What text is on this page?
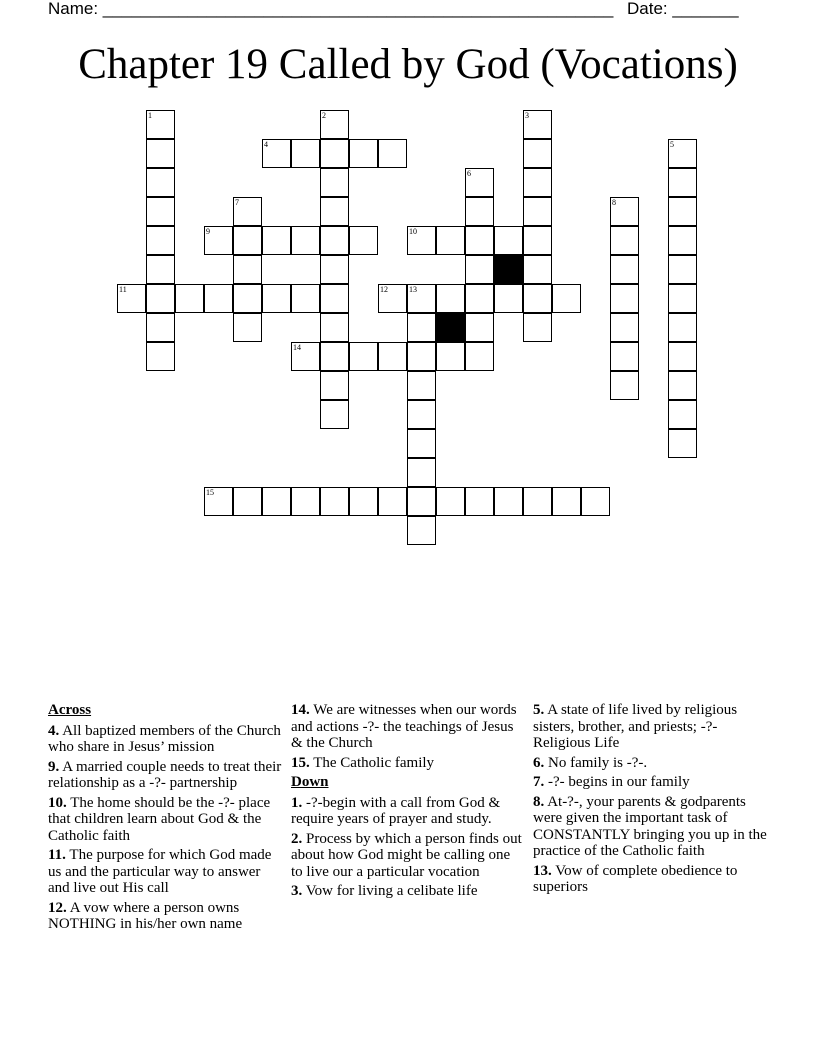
Name: ______________________________________________________ Date: _______
Chapter 19 Called by God (Vocations)
1	2	3
4	5
6
7	8
9	10
11	12	13
14
15
Across
4. All baptized members of the Church who share in Jesus’ mission
9. A married couple needs to treat their relationship as a -?- partnership
10. The home should be the -?- place that children learn about God & the Catholic faith
11. The purpose for which God made us and the particular way to answer and live out His call
12. A vow where a person owns NOTHING in his/her own name
14. We are witnesses when our words and actions -?- the teachings of Jesus & the Church
15. The Catholic family
Down
1. -?-begin with a call from God & require years of prayer and study.
2. Process by which a person finds out about how God might be calling one to live our a particular vocation
3. Vow for living a celibate life
5. A state of life lived by religious sisters, brother, and priests; -?- Religious Life
6. No family is -?-.
7. -?- begins in our family
8. At-?-, your parents & godparents were given the important task of CONSTANTLY bringing you up in the practice of the Catholic faith
13. Vow of complete obedience to superiors
